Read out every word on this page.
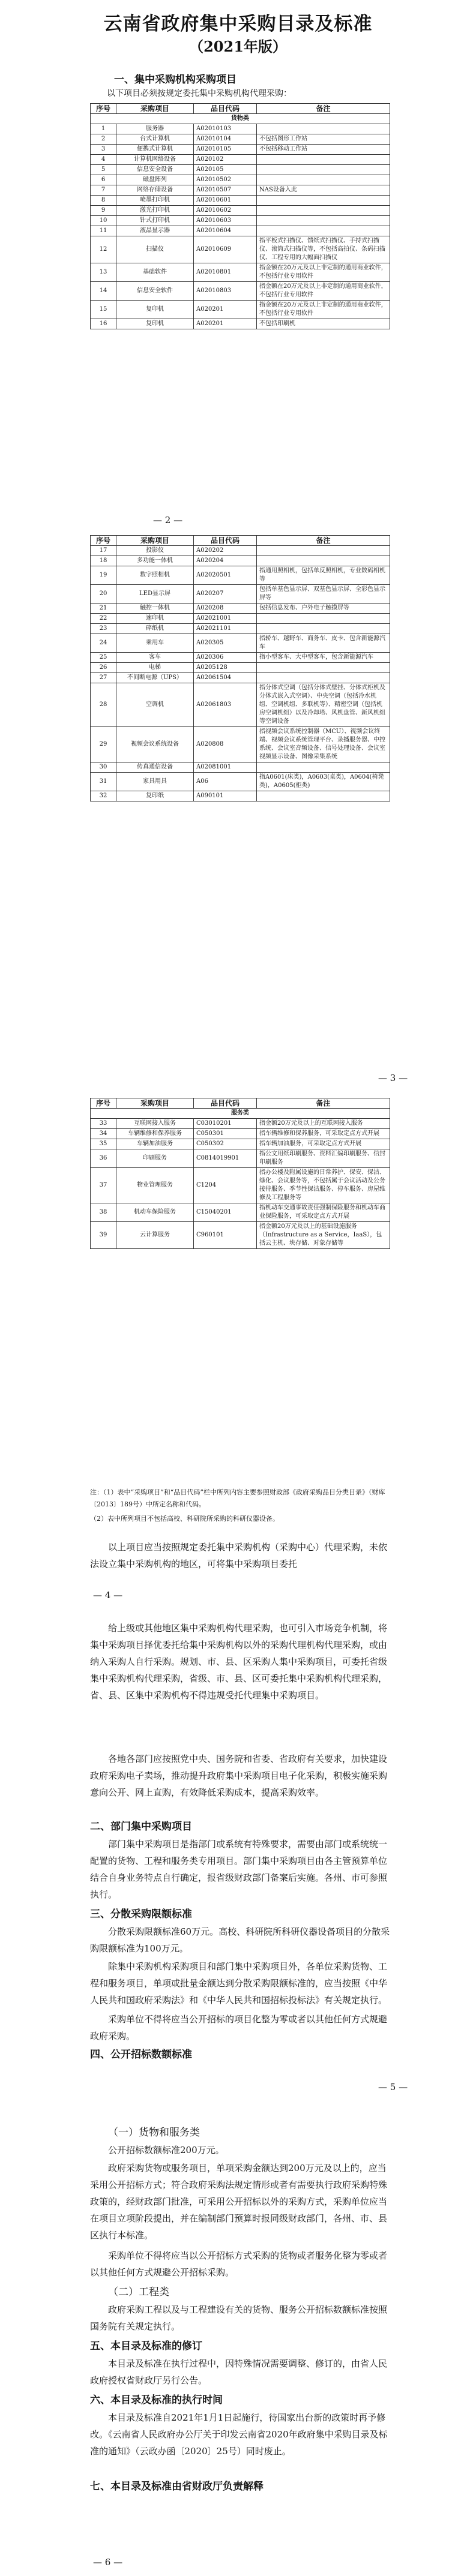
云南省政府集中采购目录及标准
（2021年版）
一、集中采购机构采购项目
以下项目必须按规定委托集中采购机构代理采购：
序号	采购项目	品目代码	备注
货物类			
1	服务器	A02010103	
2	台式计算机	A02010104	不包括图形工作站
3	便携式计算机	A02010105	不包括移动工作站
4	计算机网络设备	A020102	
5	信息安全设备	A020105	
6	磁盘阵列	A02010502	
7	网络存储设备	A02010507	NAS设备入此
8	喷墨打印机	A02010601	
9	激光打印机	A02010602	
10	针式打印机	A02010603	
11	液晶显示器	A02010604	
12	扫描仪	A02010609	指平板式扫描仪、馈纸式扫描仪、手持式扫描仪、滚筒式扫描仪等，不包括高拍仪、条码扫描仪、工程专用的大幅面扫描仪
13	基础软件	A02010801	指金额在20万元及以上非定制的通用商业软件，不包括行业专用软件
14	信息安全软件	A02010803	指金额在20万元及以上非定制的通用商业软件，不包括行业专用软件
15	复印机	A020201	指金额在20万元及以上非定制的通用商业软件，不包括行业专用软件
16	复印机	A020201	不包括印刷机
— 2 —
序号	采购项目	品目代码	备注
17	投影仪	A020202	
18	多功能一体机	A020204	
19	数字照相机	A02020501	指通用照相机，包括单反照相机，专业数码相机等
20	LED显示屏	A020207	包括单基色显示屏、双基色显示屏、全彩色显示屏等
21	触控一体机	A020208	包括信息发布、户外电子触摸屏等
22	速印机	A02021001	
23	碎纸机	A02021101	
24	乘用车	A020305	指轿车、越野车、商务车、皮卡、包含新能源汽车
25	客车	A020306	指小型客车、大中型客车，包含新能源汽车
26	电梯	A0205128	
27	不间断电源（UPS）	A02061504	
28	空调机	A02061803	指分体式空调（包括分体式壁挂、分体式柜机及分体式嵌入式空调）、中央空调（包括冷水机组、空调机组、多联机等）、精密空调（包括机房空调机组）以及冷却塔、风机盘管、新风机组等空调设备
29	视频会议系统设备	A020808	指视频会议系统控制器（MCU）、视频会议终端、视频会议系统管理平台、录播服务器、中控系统、会议室音频设备、信号处理设备、会议室视频显示设备、图像采集系统
30	传真通信设备	A02081001	
31	家具用具	A06	指A0601(床类)，A0603(桌类)，A0604(椅凳类)，A0605(柜类)
32	复印纸	A090101	
— 3 —
序号	采购项目	品目代码	备注
服务类			
33	互联网接入服务	C03010201	指金额20万元及以上的互联网接入服务
34	车辆维修和保养服务	C050301	指车辆维修和保养服务，可采取定点方式开展
35	车辆加油服务	C050302	指车辆加油服务，可采取定点方式开展
36	印刷服务	C0814019901	指公文用纸印刷服务、资料汇编印刷服务、信封印刷服务
37	物业管理服务	C1204	指办公楼及附属设施的日常养护、保安、保洁、绿化、会议服务等，不包括属于会议活动及公务接待服务、季节性保洁服务、停车服务、房屋维修及工程服务等
38	机动车保险服务	C15040201	指机动车交通事故责任强制保险服务和机动车商业保险服务，可采取定点方式开展
39	云计算服务	C960101	指金额20万元及以上的基础设施服务（Infrastructure as a Service，IaaS），包括云主机、块存储、对象存储等
注：（1）表中“采购项目”和“品目代码”栏中所列内容主要参照财政部《政府采购品目分类目录》（财库〔2013〕189号）中所定名称和代码。
（2）表中所列项目不包括高校、科研院所采购的科研仪器设备。
以上项目应当按照规定委托集中采购机构（采购中心）代理采购，未依法设立集中采购机构的地区，可将集中采购项目委托
— 4 —
给上级或其他地区集中采购机构代理采购，也可引入市场竞争机制，将集中采购项目择优委托给集中采购机构以外的采购代理机构代理采购，或由纳入采购人自行采购。规划、市、县、区采购人集中采购项目，可委托省级集中采购机构代理采购，省级、市、县、区可委托集中采购机构代理采购，省、县、区集中采购机构不得违规受托代理集中采购项目。
各地各部门应按照党中央、国务院和省委、省政府有关要求，加快建设政府采购电子卖场，推动提升政府集中采购项目电子化采购，积极实施采购意向公开、网上直购，有效降低采购成本，提高采购效率。
二、部门集中采购项目
部门集中采购项目是指部门或系统有特殊要求，需要由部门或系统统一配置的货物、工程和服务类专用项目。部门集中采购项目由各主管预算单位结合自身业务特点自行确定，报省级财政部门备案后实施。各州、市可参照执行。
三、分散采购限额标准
分散采购限额标准60万元。高校、科研院所科研仪器设备项目的分散采购限额标准为100万元。
除集中采购机构采购项目和部门集中采购项目外，各单位采购货物、工程和服务项目，单项或批量金额达到分散采购限额标准的，应当按照《中华人民共和国政府采购法》和《中华人民共和国招标投标法》有关规定执行。
采购单位不得将应当公开招标的项目化整为零或者以其他任何方式规避政府采购。
四、公开招标数额标准
— 5 —
（一）货物和服务类
公开招标数额标准200万元。
政府采购货物或服务项目，单项采购金额达到200万元及以上的，应当采用公开招标方式；符合政府采购法规定情形或者有需要执行政府采购特殊政策的，经财政部门批准，可采用公开招标以外的采购方式，采购单位应当在项目立项阶段提出，并在编制部门预算时报同级财政部门，各州、市、县区执行本标准。
采购单位不得将应当以公开招标方式采购的货物或者服务化整为零或者以其他任何方式规避公开招标采购。
（二）工程类
政府采购工程以及与工程建设有关的货物、服务公开招标数额标准按照国务院有关规定执行。
五、本目录及标准的修订
本目录及标准在执行过程中，因特殊情况需要调整、修订的，由省人民政府授权省财政厅另行公告。
六、本目录及标准的执行时间
本目录及标准自2021年1月1日起施行，待国家出台新的政策时再予修改。《云南省人民政府办公厅关于印发云南省2020年政府集中采购目录及标准的通知》（云政办函〔2020〕25号）同时废止。
七、本目录及标准由省财政厅负责解释
— 6 —
